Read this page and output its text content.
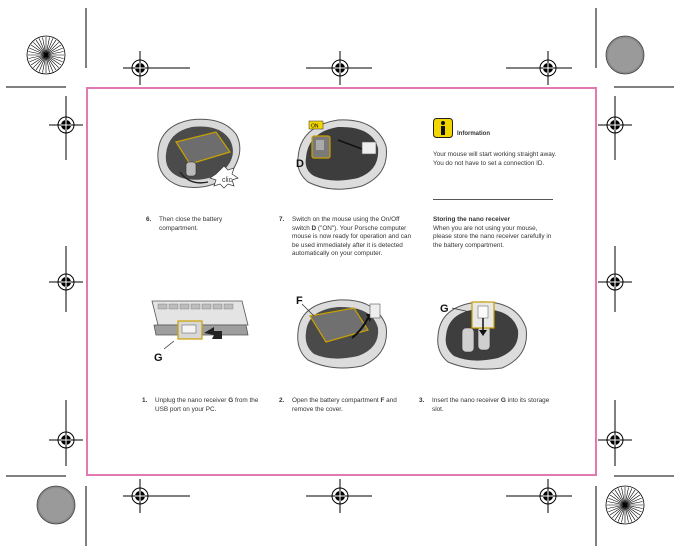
clic
ON
D
Information
Your mouse will start working straight away. You do not have to set a connection ID.
6. Then close the battery compartment.
7. Switch on the mouse using the On/Off switch D ("ON"). Your Porsche computer mouse is now ready for operation and can be used immediately after it is detected automatically on your computer.
Storing the nano receiver
When you are not using your mouse, please store the nano receiver carefully in the battery compartment.
G
F
G
1. Unplug the nano receiver G from the USB port on your PC.
2. Open the battery compartment F and remove the cover.
3. Insert the nano receiver G into its storage slot.
